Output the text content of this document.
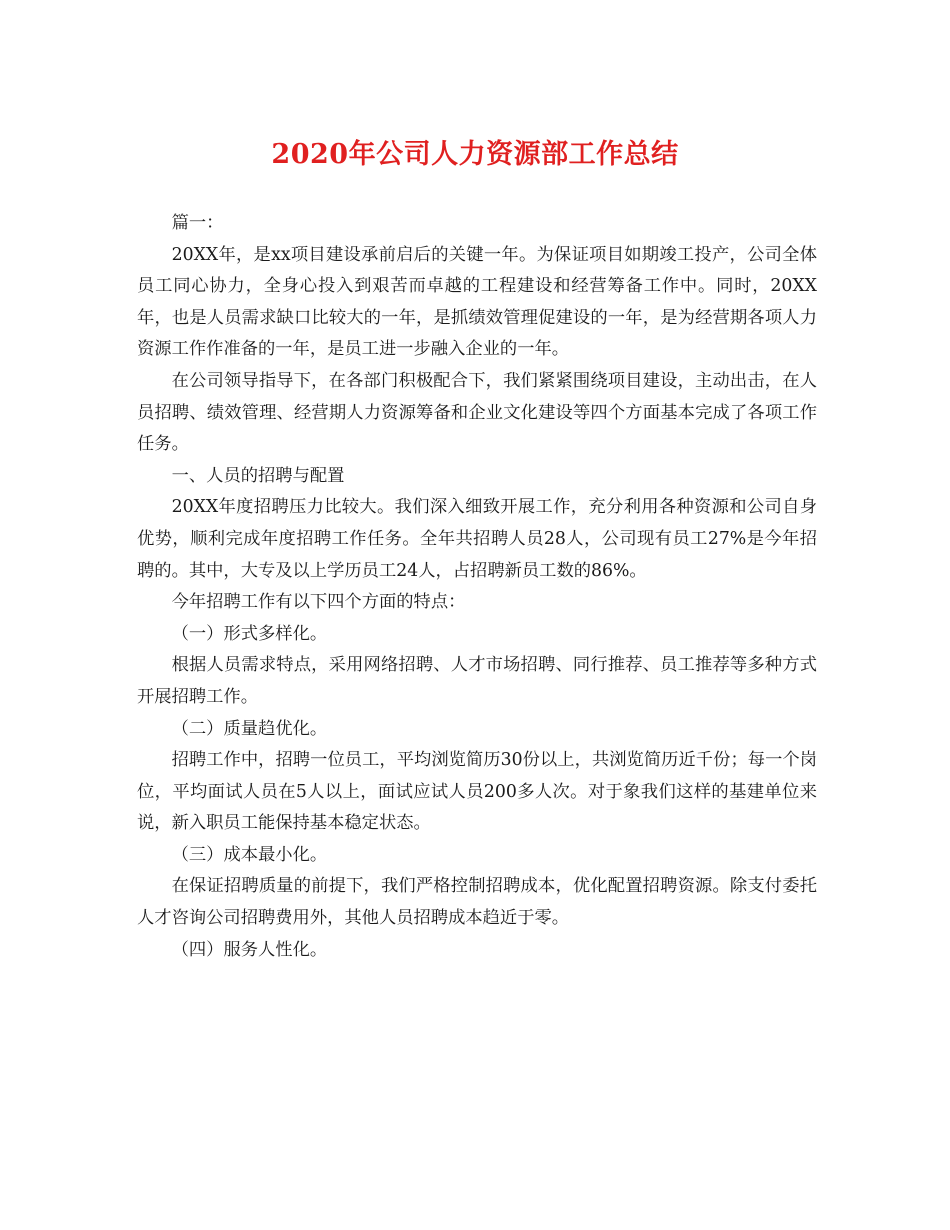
2020年公司人力资源部工作总结

篇一：

20XX年，是xx项目建设承前启后的关键一年。为保证项目如期竣工投产，公司全体员工同心协力，全身心投入到艰苦而卓越的工程建设和经营筹备工作中。同时，20XX年，也是人员需求缺口比较大的一年，是抓绩效管理促建设的一年，是为经营期各项人力资源工作作准备的一年，是员工进一步融入企业的一年。

在公司领导指导下，在各部门积极配合下，我们紧紧围绕项目建设，主动出击，在人员招聘、绩效管理、经营期人力资源筹备和企业文化建设等四个方面基本完成了各项工作任务。

一、人员的招聘与配置

20XX年度招聘压力比较大。我们深入细致开展工作，充分利用各种资源和公司自身优势，顺利完成年度招聘工作任务。全年共招聘人员28人，公司现有员工27%是今年招聘的。其中，大专及以上学历员工24人，占招聘新员工数的86%。

今年招聘工作有以下四个方面的特点：

（一）形式多样化。

根据人员需求特点，采用网络招聘、人才市场招聘、同行推荐、员工推荐等多种方式开展招聘工作。

（二）质量趋优化。

招聘工作中，招聘一位员工，平均浏览简历30份以上，共浏览简历近千份；每一个岗位，平均面试人员在5人以上，面试应试人员200多人次。对于象我们这样的基建单位来说，新入职员工能保持基本稳定状态。

（三）成本最小化。

在保证招聘质量的前提下，我们严格控制招聘成本，优化配置招聘资源。除支付委托人才咨询公司招聘费用外，其他人员招聘成本趋近于零。

（四）服务人性化。
